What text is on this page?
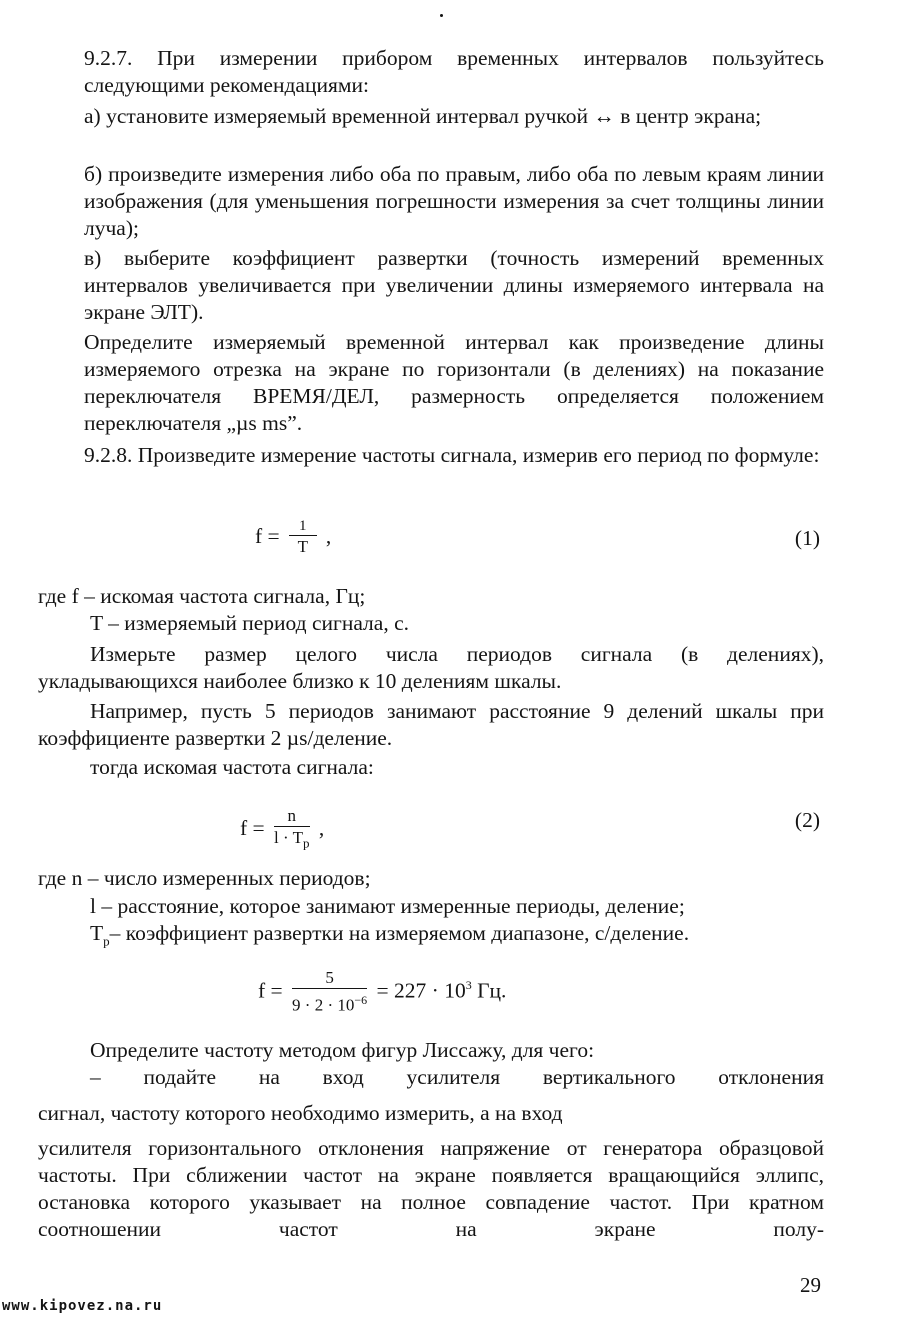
9.2.7. При измерении прибором временных интервалов пользуйтесь следующими рекомендациями:

а) установите измеряемый временной интервал ручкой ↔ в центр экрана;

б) произведите измерения либо оба по правым, либо оба по левым краям линии изображения (для уменьшения погрешности измерения за счет толщины линии луча);

в) выберите коэффициент развертки (точность измерений временных интервалов увеличивается при увеличении длины измеряемого интервала на экране ЭЛТ).

Определите измеряемый временной интервал как произведение длины измеряемого отрезка на экране по горизонтали (в делениях) на показание переключателя ВРЕМЯ/ДЕЛ, размерность определяется положением переключателя „µs ms”.

9.2.8. Произведите измерение частоты сигнала, измерив его период по формуле:

$f = \frac{1}{T}$ ,	(1)

где f – искомая частота сигнала, Гц;

T – измеряемый период сигнала, с.

Измерьте размер целого числа периодов сигнала (в делениях), укладывающихся наиболее близко к 10 делениям шкалы.

Например, пусть 5 периодов занимают расстояние 9 делений шкалы при коэффициенте развертки 2 µs/деление.

тогда искомая частота сигнала:

$f = \frac{n}{l \cdot T_p}$ ,	(2)

где n – число измеренных периодов;

l – расстояние, которое занимают измеренные периоды, деление;

$T_p-$ коэффициент развертки на измеряемом диапазоне, с/деление.

$f = \frac{5}{9 \cdot 2 \cdot 10^{-6}} = 227 \cdot 10^3$ Гц.

Определите частоту методом фигур Лиссажу, для чего:

– подайте на вход усилителя вертикального отклонения

сигнал, частоту которого необходимо измерить, а на вход

усилителя горизонтального отклонения напряжение от генератора образцовой частоты. При сближении частот на экране появляется вращающийся эллипс, остановка которого указывает на полное совпадение частот. При кратном соотношении частот на экране полу-

29
www.kipovez.na.ru
